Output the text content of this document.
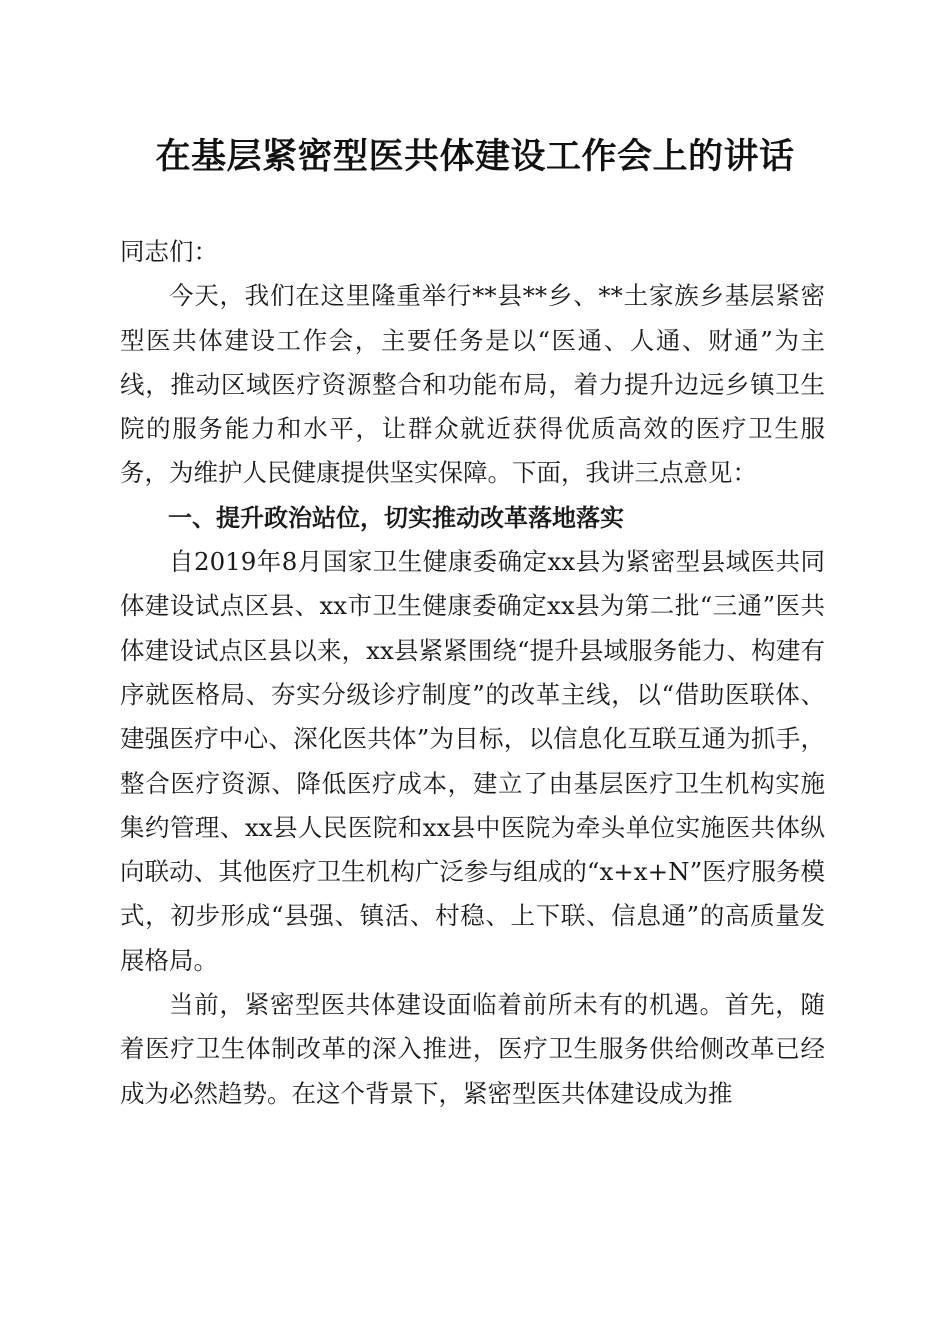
在基层紧密型医共体建设工作会上的讲话

同志们：

今天，我们在这里隆重举行**县**乡、**土家族乡基层紧密型医共体建设工作会，主要任务是以“医通、人通、财通”为主线，推动区域医疗资源整合和功能布局，着力提升边远乡镇卫生院的服务能力和水平，让群众就近获得优质高效的医疗卫生服务，为维护人民健康提供坚实保障。下面，我讲三点意见：

一、提升政治站位，切实推动改革落地落实

自2019年8月国家卫生健康委确定xx县为紧密型县域医共同体建设试点区县、xx市卫生健康委确定xx县为第二批“三通”医共体建设试点区县以来，xx县紧紧围绕“提升县域服务能力、构建有序就医格局、夯实分级诊疗制度”的改革主线，以“借助医联体、建强医疗中心、深化医共体”为目标，以信息化互联互通为抓手，整合医疗资源、降低医疗成本，建立了由基层医疗卫生机构实施集约管理、xx县人民医院和xx县中医院为牵头单位实施医共体纵向联动、其他医疗卫生机构广泛参与组成的“x+x+N”医疗服务模式，初步形成“县强、镇活、村稳、上下联、信息通”的高质量发展格局。

当前，紧密型医共体建设面临着前所未有的机遇。首先，随着医疗卫生体制改革的深入推进，医疗卫生服务供给侧改革已经成为必然趋势。在这个背景下，紧密型医共体建设成为推
